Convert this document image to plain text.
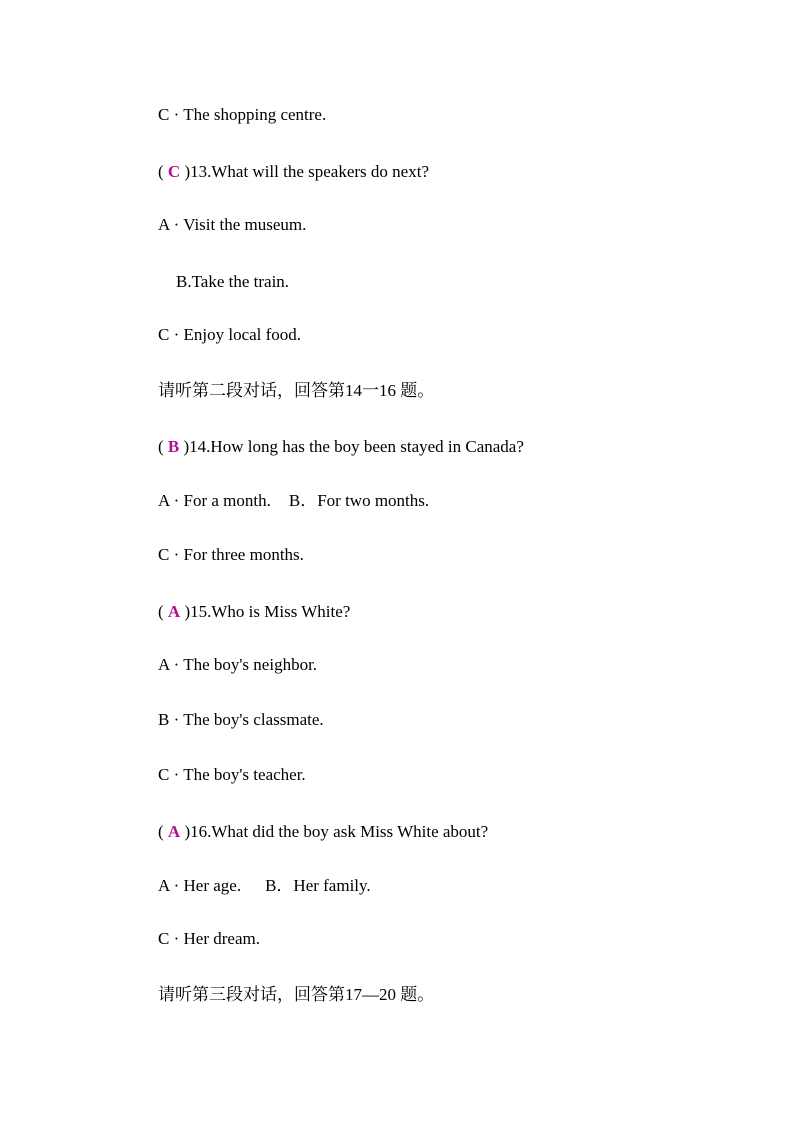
C · The shopping centre.
( C )13.What will the speakers do next?
A · Visit the museum.
B.Take the train.
C · Enjoy local food.
请听第二段对话，回答第14一16 题。
( B )14.How long has the boy been stayed in Canada?
A · For a month. B．For two months.
C · For three months.
( A )15.Who is Miss White?
A · The boy's neighbor.
B · The boy's classmate.
C · The boy's teacher.
( A )16.What did the boy ask Miss White about?
A · Her age. B．Her family.
C · Her dream.
请听第三段对话，回答第17—20 题。
